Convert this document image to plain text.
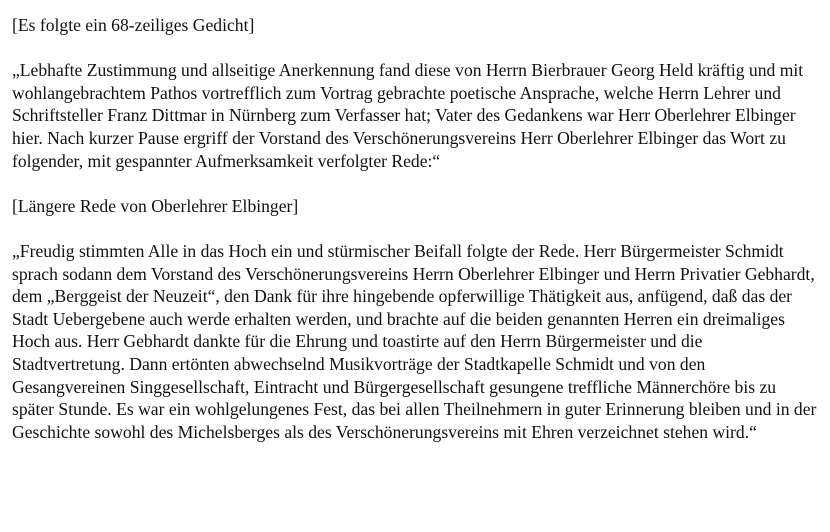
[Es folgte ein 68-zeiliges Gedicht]

„Lebhafte Zustimmung und allseitige Anerkennung fand diese von Herrn Bierbrauer Georg Held kräftig und mit wohlangebrachtem Pathos vortrefflich zum Vortrag gebrachte poetische Ansprache, welche Herrn Lehrer und Schriftsteller Franz Dittmar in Nürnberg zum Verfasser hat; Vater des Gedankens war Herr Oberlehrer Elbinger hier. Nach kurzer Pause ergriff der Vorstand des Verschönerungsvereins Herr Oberlehrer Elbinger das Wort zu folgender, mit gespannter Aufmerksamkeit verfolgter Rede:“

[Längere Rede von Oberlehrer Elbinger]

„Freudig stimmten Alle in das Hoch ein und stürmischer Beifall folgte der Rede. Herr Bürgermeister Schmidt sprach sodann dem Vorstand des Verschönerungsvereins Herrn Oberlehrer Elbinger und Herrn Privatier Gebhardt, dem „Berggeist der Neuzeit“, den Dank für ihre hingebende opferwillige Thätigkeit aus, anfügend, daß das der Stadt Uebergebene auch werde erhalten werden, und brachte auf die beiden genannten Herren ein dreimaliges Hoch aus. Herr Gebhardt dankte für die Ehrung und toastirte auf den Herrn Bürgermeister und die Stadtvertretung. Dann ertönten abwechselnd Musikvorträge der Stadtkapelle Schmidt und von den Gesangvereinen Singgesellschaft, Eintracht und Bürgergesellschaft gesungene treffliche Männerchöre bis zu später Stunde. Es war ein wohlgelungenes Fest, das bei allen Theilnehmern in guter Erinnerung bleiben und in der Geschichte sowohl des Michelsberges als des Verschönerungsvereins mit Ehren verzeichnet stehen wird.“
